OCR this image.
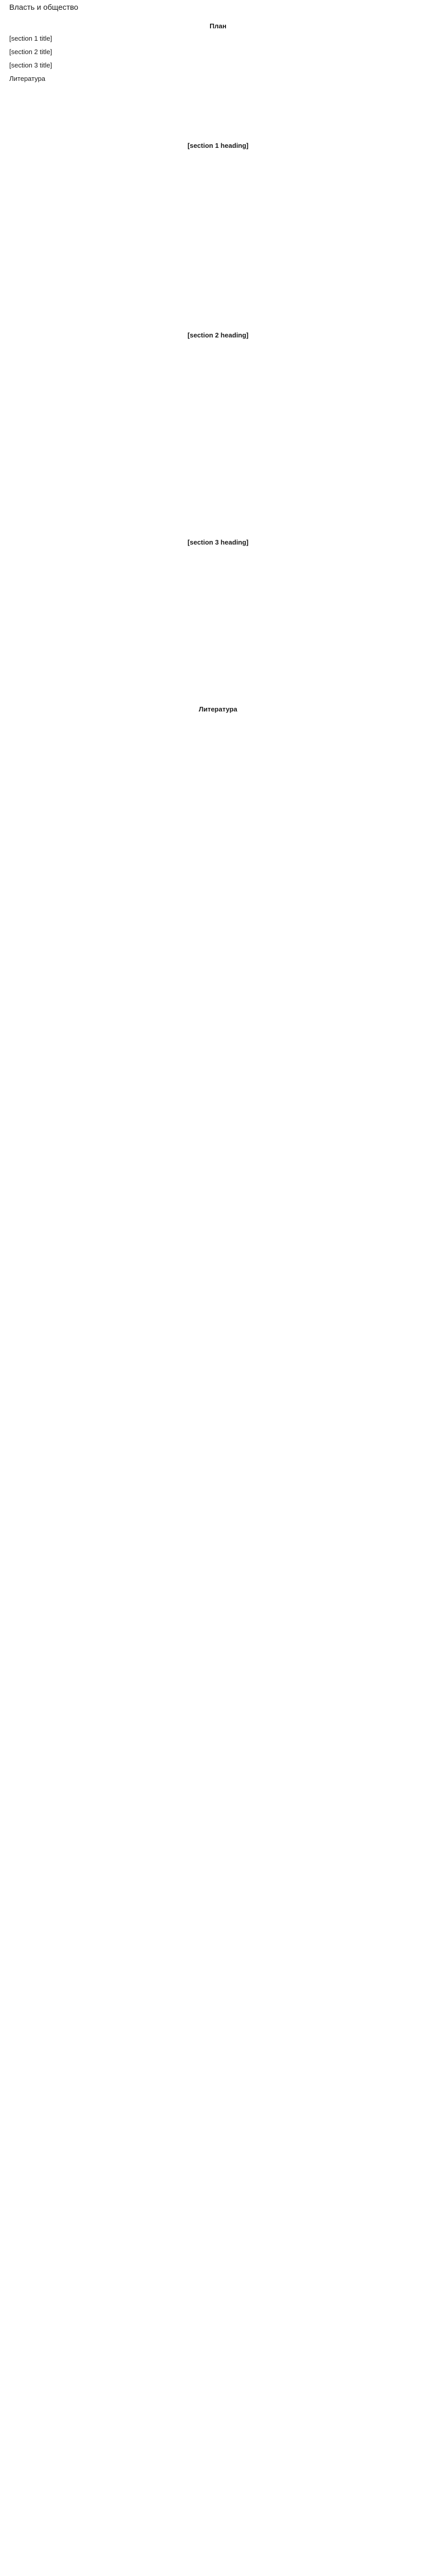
Власть и общество
План
[section 1 title]
[section 2 title]
[section 3 title]
Литература
[section 1 heading]

[section 2 heading]

[section 3 heading]

Литература
